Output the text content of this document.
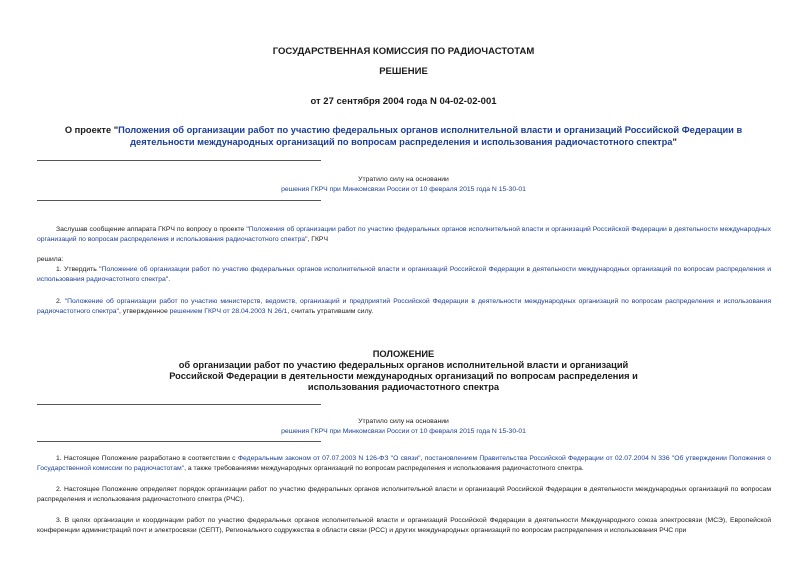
ГОСУДАРСТВЕННАЯ КОМИССИЯ ПО РАДИОЧАСТОТАМ
РЕШЕНИЕ
от 27 сентября 2004 года N 04-02-02-001
О проекте "Положения об организации работ по участию федеральных органов исполнительной власти и организаций Российской Федерации в деятельности международных организаций по вопросам распределения и использования радиочастотного спектра"
Утратило силу на основании
решения ГКРЧ при Минкомсвязи России от 10 февраля 2015 года N 15-30-01
Заслушав сообщение аппарата ГКРЧ по вопросу о проекте "Положения об организации работ по участию федеральных органов исполнительной власти и организаций Российской Федерации в деятельности международных организаций по вопросам распределения и использования радиочастотного спектра", ГКРЧ
решила:
1. Утвердить "Положение об организации работ по участию федеральных органов исполнительной власти и организаций Российской Федерации в деятельности международных организаций по вопросам распределения и использования радиочастотного спектра".
2. "Положение об организации работ по участию министерств, ведомств, организаций и предприятий Российской Федерации в деятельности международных организаций по вопросам распределения и использования радиочастотного спектра", утвержденное решением ГКРЧ от 28.04.2003 N 26/1, считать утратившим силу.
ПОЛОЖЕНИЕ
об организации работ по участию федеральных органов исполнительной власти и организаций
Российской Федерации в деятельности международных организаций по вопросам распределения и
использования радиочастотного спектра
Утратило силу на основании
решения ГКРЧ при Минкомсвязи России от 10 февраля 2015 года N 15-30-01
1. Настоящее Положение разработано в соответствии с Федеральным законом от 07.07.2003 N 126-ФЗ "О связи", постановлением Правительства Российской Федерации от 02.07.2004 N 336 "Об утверждении Положения о Государственной комиссии по радиочастотам", а также требованиями международных организаций по вопросам распределения и использования радиочастотного спектра.
2. Настоящее Положение определяет порядок организации работ по участию федеральных органов исполнительной власти и организаций Российской Федерации в деятельности международных организаций по вопросам распределения и использования радиочастотного спектра (РЧС).
3. В целях организации и координации работ по участию федеральных органов исполнительной власти и организаций Российской Федерации в деятельности Международного союза электросвязи (МСЭ), Европейской конференции администраций почт и электросвязи (СЕПТ), Регионального содружества в области связи (РСС) и других международных организаций по вопросам распределения и использования РЧС при
